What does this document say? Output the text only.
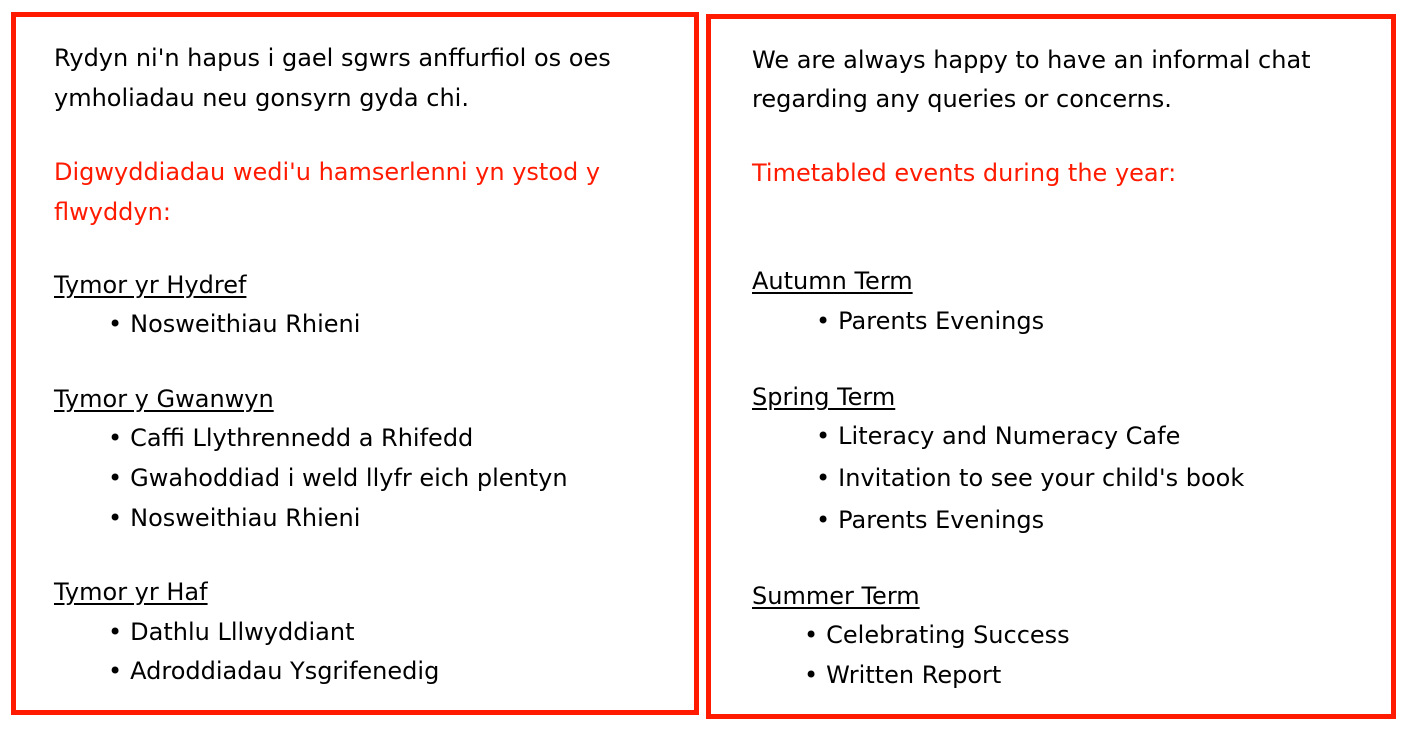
Rydyn ni'n hapus i gael sgwrs anffurfiol os oes
ymholiadau neu gonsyrn gyda chi.
Digwyddiadau wedi'u hamserlenni yn ystod y
flwyddyn:
Tymor yr Hydref
• Nosweithiau Rhieni
Tymor y Gwanwyn
• Caffi Llythrennedd a Rhifedd
• Gwahoddiad i weld llyfr eich plentyn
• Nosweithiau Rhieni
Tymor yr Haf
• Dathlu Lllwyddiant
• Adroddiadau Ysgrifenedig
We are always happy to have an informal chat
regarding any queries or concerns.
Timetabled events during the year:
Autumn Term
• Parents Evenings
Spring Term
• Literacy and Numeracy Cafe
• Invitation to see your child's book
• Parents Evenings
Summer Term
• Celebrating Success
• Written Report
